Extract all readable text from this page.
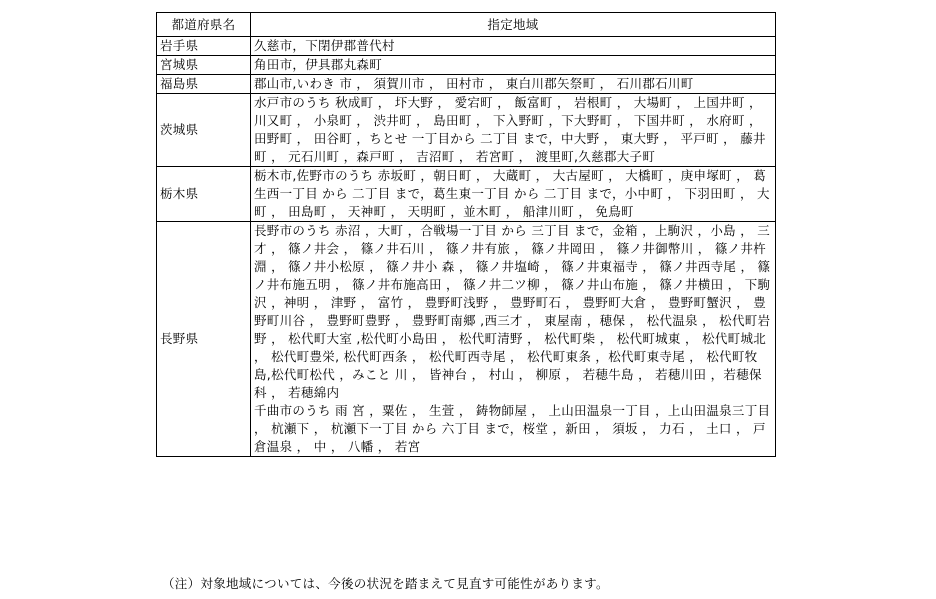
都道府県名	指定地域
岩手県	久慈市，下閉伊郡普代村

宮城県	角田市，伊具郡丸森町

福島県	郡山市,いわき 市 ， 須賀川市 ， 田村市 ， 東白川郡矢祭町 ， 石川郡石川町

茨城県	水戸市のうち 秋成町 ， 圷大野 ， 愛宕町 ， 飯富町 ， 岩根町 ， 大場町 ， 上国井町 ， 川又町 ， 小泉町 ， 渋井町 ， 島田町 ， 下入野町 ，下大野町 ， 下国井町 ， 水府町 ， 田野町 ， 田谷町 ，ちとせ 一丁目から 二丁目 まで，中大野 ， 東大野 ， 平戸町 ， 藤井町 ， 元石川町 ，森戸町 ， 吉沼町 ， 若宮町 ， 渡里町,久慈郡大子町

栃木県	栃木市,佐野市のうち 赤坂町 ，朝日町 ， 大蔵町 ， 大古屋町 ， 大橋町 ，庚申塚町 ， 葛生西一丁目 から 二丁目 まで，葛生東一丁目 から 二丁目 まで，小中町 ， 下羽田町 ， 大町 ， 田島町 ， 天神町 ， 天明町 ，並木町 ， 船津川町 ， 免鳥町

長野県	長野市のうち 赤沼 ，大町 ，合戦場一丁目 から 三丁目 まで，金箱 ，上駒沢 ，小島 ， 三才 ， 篠ノ井会 ， 篠ノ井石川 ， 篠ノ井有旅 ， 篠ノ井岡田 ， 篠ノ井御幣川 ， 篠ノ井杵淵 ， 篠ノ井小松原 ， 篠ノ井小 森 ， 篠ノ井塩崎 ， 篠ノ井東福寺 ， 篠ノ井西寺尾 ， 篠ノ井布施五明 ， 篠ノ井布施高田 ， 篠ノ井二ツ柳 ， 篠ノ井山布施 ， 篠ノ井横田 ， 下駒沢 ，神明 ， 津野 ， 富竹 ， 豊野町浅野 ， 豊野町石 ， 豊野町大倉 ， 豊野町蟹沢 ， 豊野町川谷 ， 豊野町豊野 ， 豊野町南郷 ,西三才 ， 東屋南 ，穂保 ， 松代温泉 ， 松代町岩野 ， 松代町大室 ,松代町小島田 ， 松代町清野 ， 松代町柴 ， 松代町城東 ， 松代町城北 ， 松代町豊栄, 松代町西条 ， 松代町西寺尾 ， 松代町東条 ，松代町東寺尾 ， 松代町牧島,松代町松代 ，みこと 川 ， 皆神台 ， 村山 ， 柳原 ， 若穂牛島 ， 若穂川田 ，若穂保科 ， 若穂綿内
千曲市のうち 雨 宮 ，粟佐 ， 生萱 ， 鋳物師屋 ， 上山田温泉一丁目 ，上山田温泉三丁目 ， 杭瀬下 ， 杭瀬下一丁目 から 六丁目 まで，桜堂 ，新田 ， 須坂 ， 力石 ， 土口 ， 戸倉温泉 ， 中 ， 八幡 ， 若宮
（注）対象地域については、今後の状況を踏まえて見直す可能性があります。
